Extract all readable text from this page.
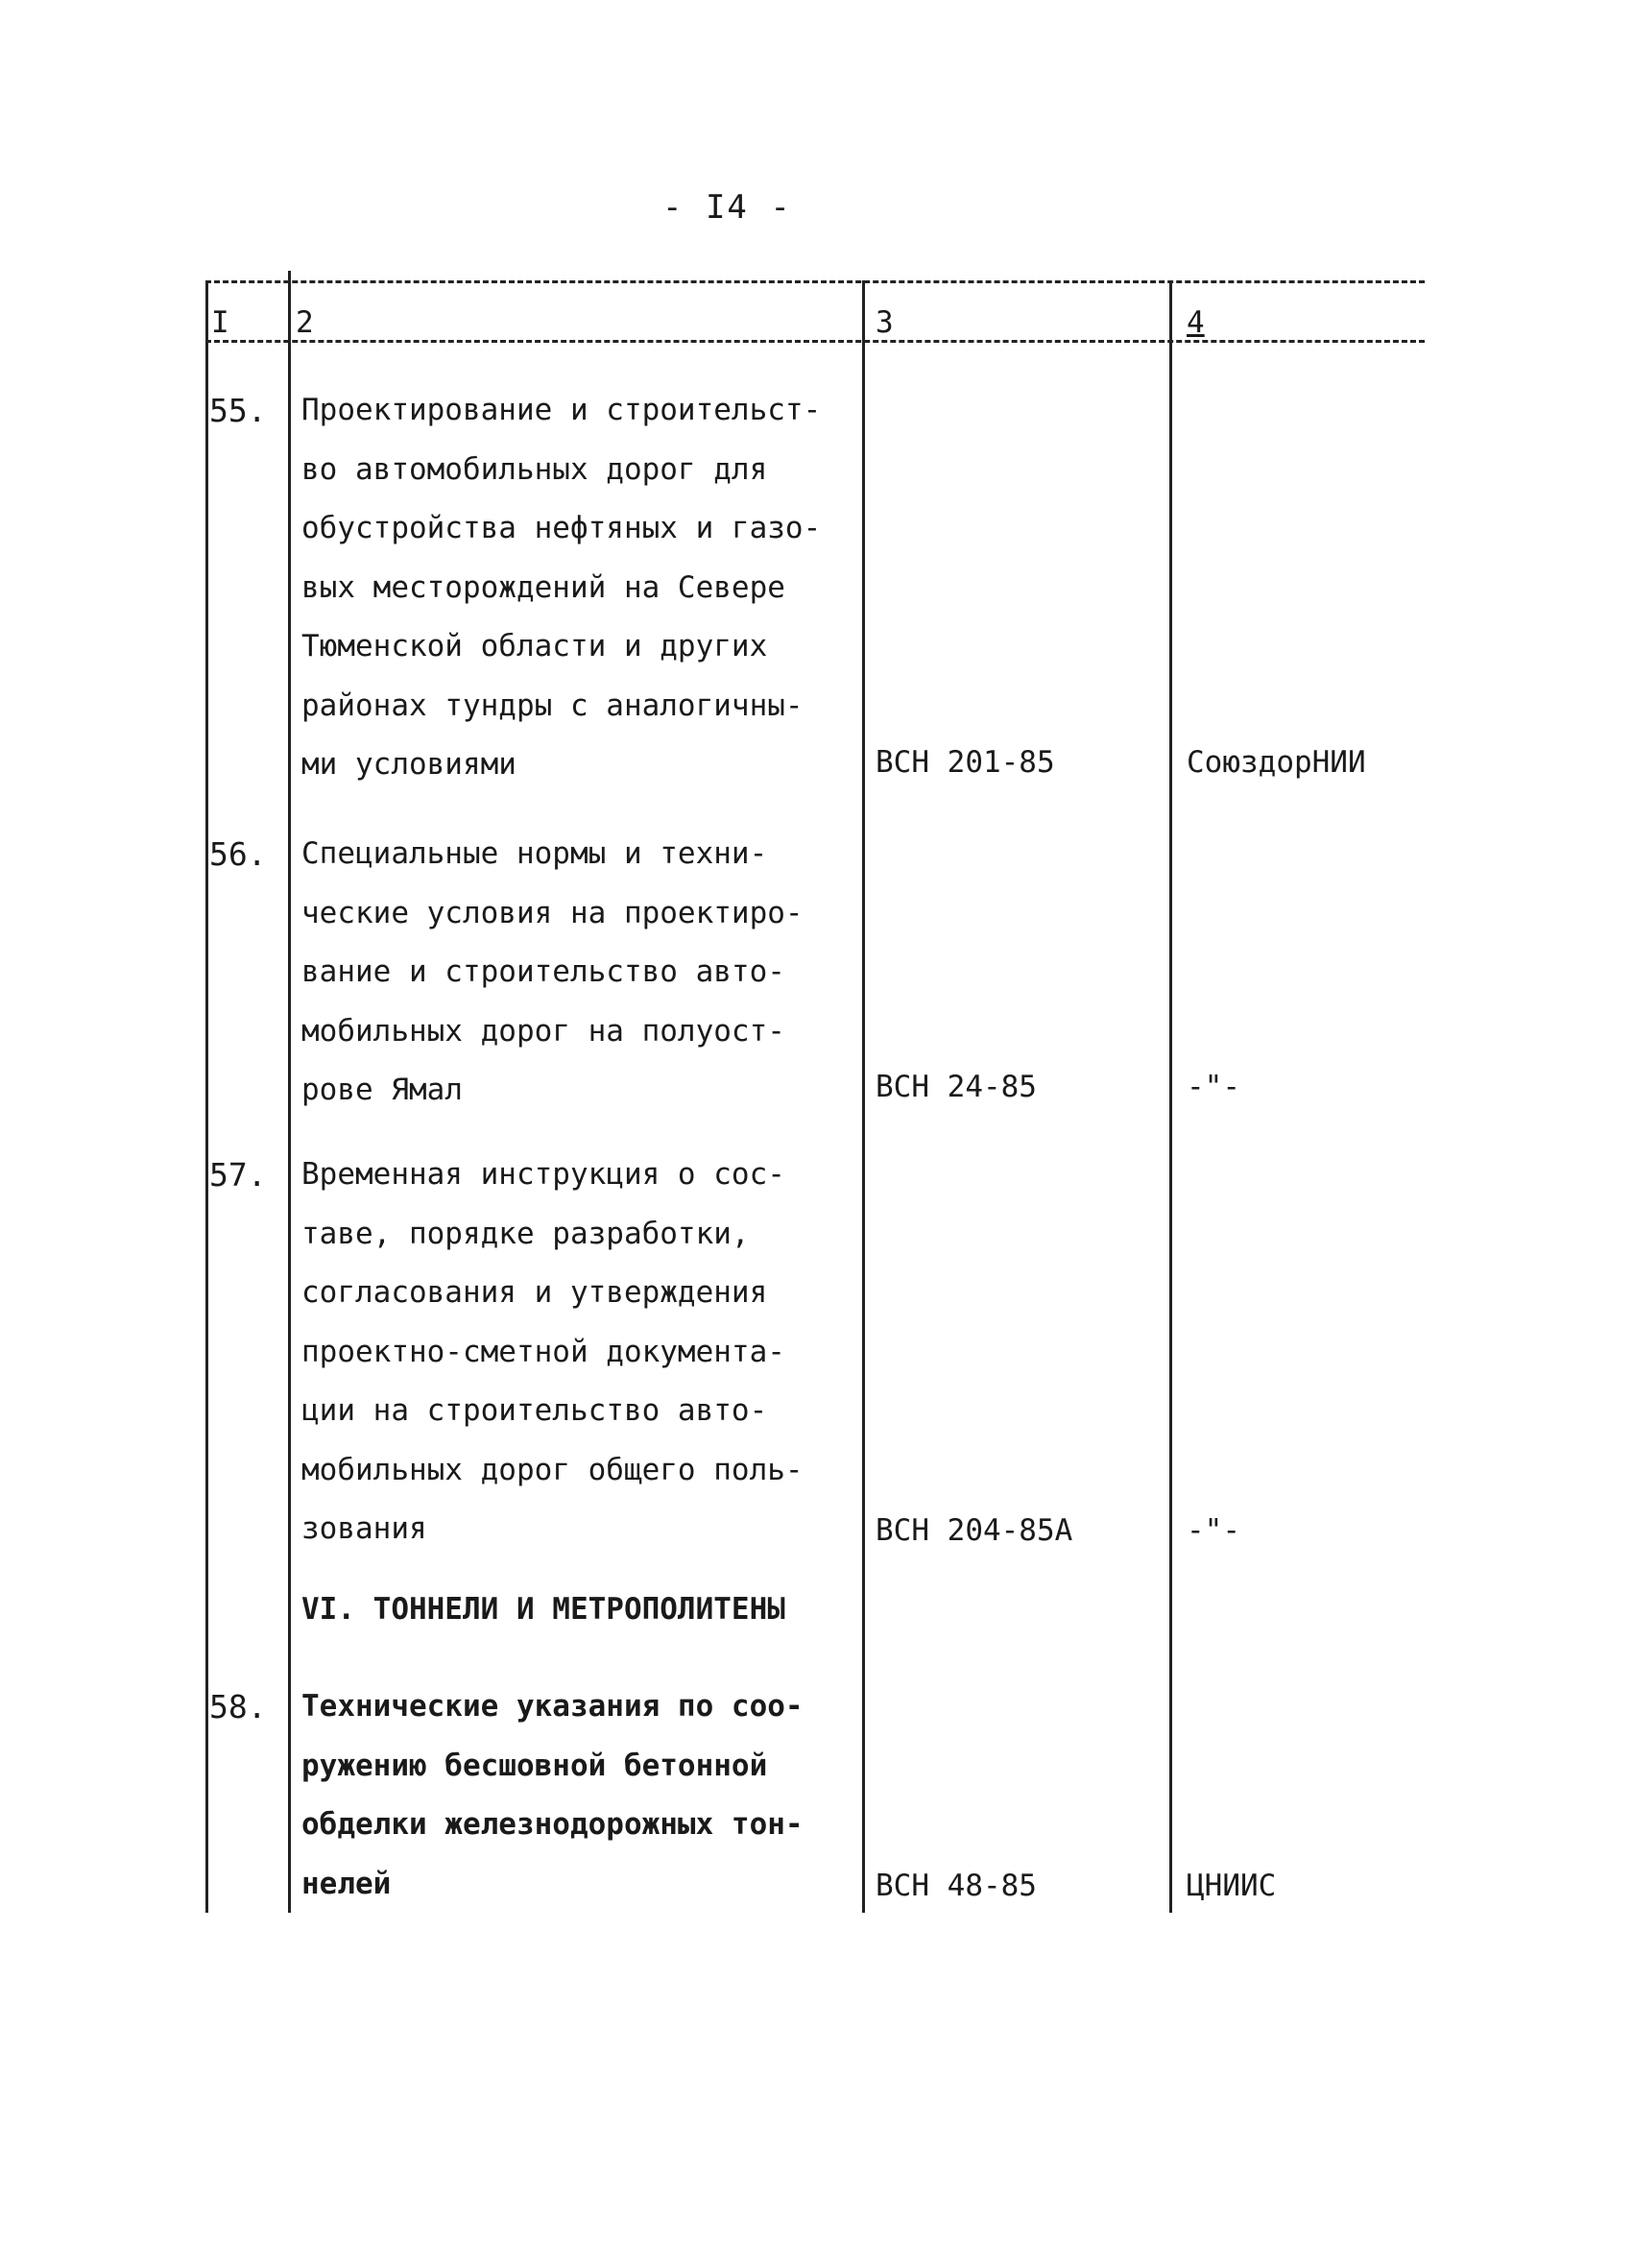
- I4 -
I 2	3	4
55. Проектирование и строительст-
во автомобильных дорог для
обустройства нефтяных и газо-
вых месторождений на Севере
Тюменской области и других
районах тундры с аналогичны-
ми условиями	ВСН 201-85	СоюздорНИИ
56. Специальные нормы и техни-
ческие условия на проектиро-
вание и строительство авто-
мобильных дорог на полуост-
рове Ямал	ВСН 24-85	-"-
57. Временная инструкция о сос-
таве, порядке разработки,
согласования и утверждения
проектно-сметной документа-
ции на строительство авто-
мобильных дорог общего поль-
зования	ВСН 204-85А	-"-
VI. ТОННЕЛИ И МЕТРОПОЛИТЕНЫ
58. Технические указания по соо-
ружению бесшовной бетонной
обделки железнодорожных тон-
нелей	ВСН 48-85	ЦНИИС
